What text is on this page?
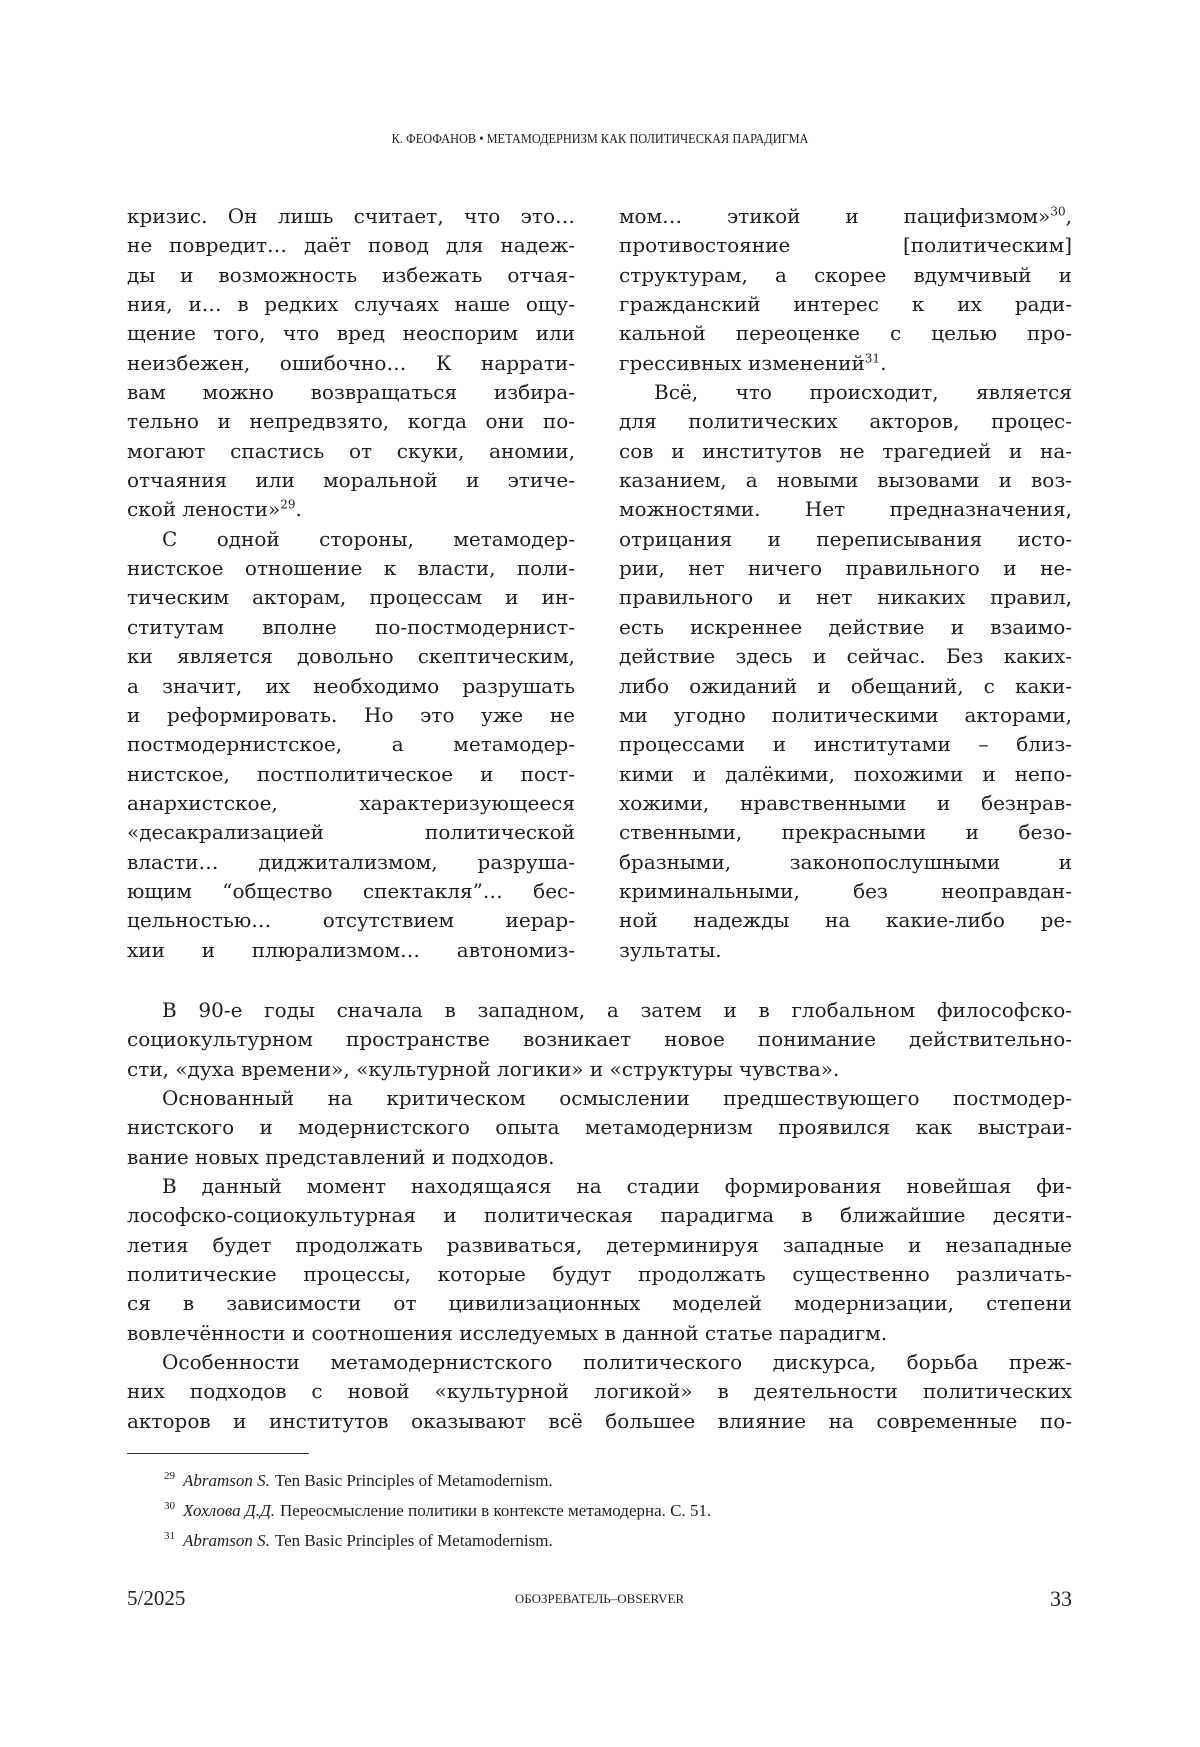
К. ФЕОФАНОВ • МЕТАМОДЕРНИЗМ КАК ПОЛИТИЧЕСКАЯ ПАРАДИГМА
кризис. Он лишь считает, что это…
не повредит… даёт повод для надеж-
ды и возможность избежать отчая-
ния, и… в редких случаях наше ощу-
щение того, что вред неоспорим или
неизбежен, ошибочно… К наррати-
вам можно возвращаться избира-
тельно и непредвзято, когда они по-
могают спастись от скуки, аномии,
отчаяния или моральной и этиче-
ской лености»29.
С одной стороны, метамодер-
нистское отношение к власти, поли-
тическим акторам, процессам и ин-
ститутам вполне по-постмодернист-
ки является довольно скептическим,
а значит, их необходимо разрушать
и реформировать. Но это уже не
постмодернистское, а метамодер-
нистское, постполитическое и пост-
анархистское, характеризующееся
«десакрализацией политической
власти… диджитализмом, разруша-
ющим “общество спектакля”… бес-
цельностью… отсутствием иерар-
хии и плюрализмом… автономиз-
мом… этикой и пацифизмом»30,
противостояние [политическим]
структурам, а скорее вдумчивый и
гражданский интерес к их ради-
кальной переоценке с целью про-
грессивных изменений31.
Всё, что происходит, является
для политических акторов, процес-
сов и институтов не трагедией и на-
казанием, а новыми вызовами и воз-
можностями. Нет предназначения,
отрицания и переписывания исто-
рии, нет ничего правильного и не-
правильного и нет никаких правил,
есть искреннее действие и взаимо-
действие здесь и сейчас. Без каких-
либо ожиданий и обещаний, с каки-
ми угодно политическими акторами,
процессами и институтами – близ-
кими и далёкими, похожими и непо-
хожими, нравственными и безнрав-
ственными, прекрасными и безо-
бразными, законопослушными и
криминальными, без неоправдан-
ной надежды на какие-либо ре-
зультаты.
В 90-е годы сначала в западном, а затем и в глобальном философско-
социокультурном пространстве возникает новое понимание действительно-
сти, «духа времени», «культурной логики» и «структуры чувства».
Основанный на критическом осмыслении предшествующего постмодер-
нистского и модернистского опыта метамодернизм проявился как выстраи-
вание новых представлений и подходов.
В данный момент находящаяся на стадии формирования новейшая фи-
лософско-социокультурная и политическая парадигма в ближайшие десяти-
летия будет продолжать развиваться, детерминируя западные и незападные
политические процессы, которые будут продолжать существенно различать-
ся в зависимости от цивилизационных моделей модернизации, степени
вовлечённости и соотношения исследуемых в данной статье парадигм.
Особенности метамодернистского политического дискурса, борьба преж-
них подходов с новой «культурной логикой» в деятельности политических
акторов и институтов оказывают всё большее влияние на современные по-
29 Abramson S. Ten Basic Principles of Metamodernism.
30 Хохлова Д.Д. Переосмысление политики в контексте метамодерна. С. 51.
31 Abramson S. Ten Basic Principles of Metamodernism.
5/2025	ОБОЗРЕВАТЕЛЬ–OBSERVER	33
